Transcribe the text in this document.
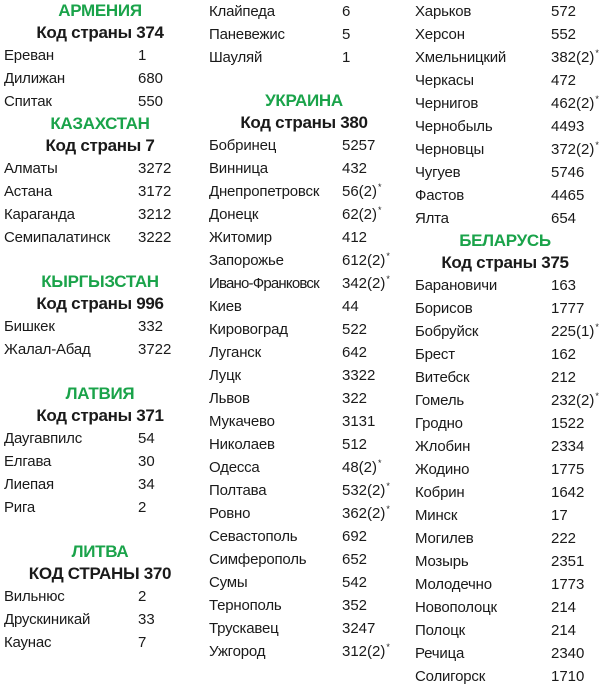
АРМЕНИЯ
Код страны 374
Ереван	1
Дилижан	680
Спитак	550
КАЗАХСТАН
Код страны 7
Алматы	3272
Астана	3172
Караганда	3212
Семипалатинск 3222
КЫРГЫЗСТАН
Код страны 996
Бишкек	332
Жалал-Абад	3722
ЛАТВИЯ
Код страны 371
Даугавпилс	54
Елгава	30
Лиепая	34
Рига	2
ЛИТВА
КОД СТРАНЫ 370
Вильнюс	2
Друскиникай	33
Каунас	7
Клайпеда	6
Паневежис	5
Шауляй	1
УКРАИНА
Код страны 380
Бобринец	5257
Винница	432
Днепропетровск 56(2)*
Донецк	62(2)*
Житомир	412
Запорожье	612(2)*
Ивано-Франковск 342(2)*
Киев	44
Кировоград	522
Луганск	642
Луцк	3322
Львов	322
Мукачево	3131
Николаев	512
Одесса	48(2)*
Полтава	532(2)*
Ровно	362(2)*
Севастополь	692
Симферополь 652
Сумы	542
Тернополь	352
Трускавец	3247
Ужгород	312(2)*
Харьков	572
Херсон	552
Хмельницкий	382(2)*
Черкасы	472
Чернигов	462(2)*
Чернобыль	4493
Черновцы	372(2)*
Чугуев	5746
Фастов	4465
Ялта	654
БЕЛАРУСЬ
Код страны 375
Барановичи	163
Борисов	1777
Бобруйск	225(1)*
Брест	162
Витебск	212
Гомель	232(2)*
Гродно	1522
Жлобин	2334
Жодино	1775
Кобрин	1642
Минск	17
Могилев	222
Мозырь	2351
Молодечно	1773
Новополоцк	214
Полоцк	214
Речица	2340
Солигорск	1710
